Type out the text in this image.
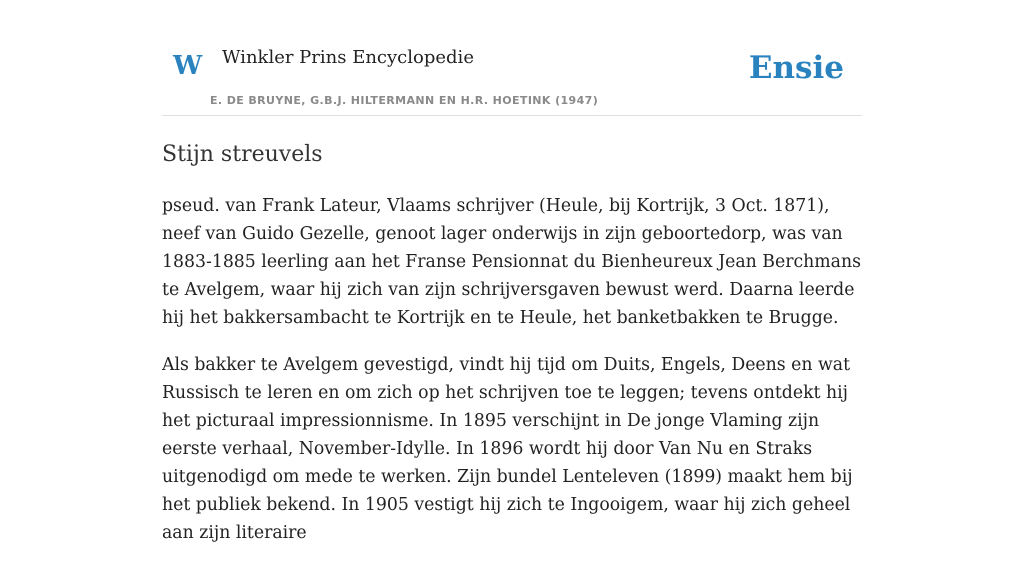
W Winkler Prins Encyclopedie
E. DE BRUYNE, G.B.J. HILTERMANN EN H.R. HOETINK (1947)
Ensie
Stijn streuvels

pseud. van Frank Lateur, Vlaams schrijver (Heule, bij Kortrijk, 3 Oct. 1871), neef van Guido Gezelle, genoot lager onderwijs in zijn geboortedorp, was van 1883-1885 leerling aan het Franse Pensionnat du Bienheureux Jean Berchmans te Avelgem, waar hij zich van zijn schrijversgaven bewust werd. Daarna leerde hij het bakkersambacht te Kortrijk en te Heule, het banketbakken te Brugge.

Als bakker te Avelgem gevestigd, vindt hij tijd om Duits, Engels, Deens en wat Russisch te leren en om zich op het schrijven toe te leggen; tevens ontdekt hij het picturaal impressionnisme. In 1895 verschijnt in De jonge Vlaming zijn eerste verhaal, November-Idylle. In 1896 wordt hij door Van Nu en Straks uitgenodigd om mede te werken. Zijn bundel Lenteleven (1899) maakt hem bij het publiek bekend. In 1905 vestigt hij zich te Ingooigem, waar hij zich geheel aan zijn literaire
